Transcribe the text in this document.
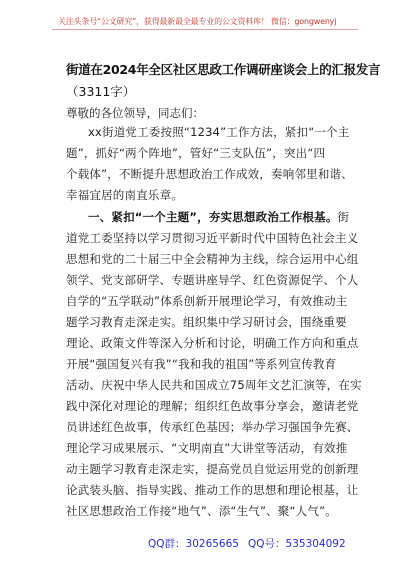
关注头条号“公文研究”，获得最新最全最专业的公文资料库！ 微信：gongwenyj
街道在2024年全区社区思政工作调研座谈会上的汇报发言
（3311字）
尊敬的各位领导，同志们：
xx街道党工委按照“1234”工作方法，紧扣“一个主
题”，抓好“两个阵地”，管好“三支队伍”，突出“四
个载体”，不断提升思想政治工作成效，奏响邻里和谐、
幸福宜居的南直乐章。
一、紧扣“一个主题”，夯实思想政治工作根基。街
道党工委坚持以学习贯彻习近平新时代中国特色社会主义
思想和党的二十届三中全会精神为主线，综合运用中心组
领学、党支部研学、专题讲座导学、红色资源促学、个人
自学的“五学联动”体系创新开展理论学习，有效推动主
题学习教育走深走实。组织集中学习研讨会，围绕重要
理论、政策文件等深入分析和讨论，明确工作方向和重点
开展“强国复兴有我”“我和我的祖国”等系列宣传教育
活动、庆祝中华人民共和国成立75周年文艺汇演等，在实
践中深化对理论的理解；组织红色故事分享会，邀请老党
员讲述红色故事，传承红色基因；举办学习强国争先赛、
理论学习成果展示、“文明南直”大讲堂等活动，有效推
动主题学习教育走深走实，提高党员自觉运用党的创新理
论武装头脑、指导实践、推动工作的思想和理论根基，让
社区思想政治工作接“地气”、添“生气”、聚“人气”。
QQ群：30265665 QQ号：535304092
